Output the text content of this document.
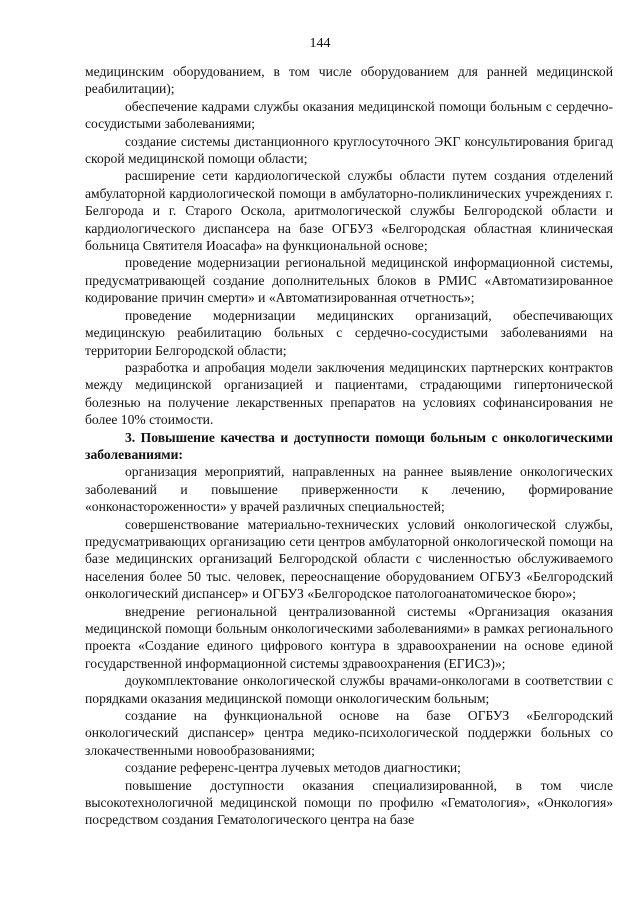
144

медицинским оборудованием, в том числе оборудованием для ранней медицинской реабилитации);

обеспечение кадрами службы оказания медицинской помощи больным с сердечно-сосудистыми заболеваниями;

создание системы дистанционного круглосуточного ЭКГ консультирования бригад скорой медицинской помощи области;

расширение сети кардиологической службы области путем создания отделений амбулаторной кардиологической помощи в амбулаторно-поликлинических учреждениях г. Белгорода и г. Старого Оскола, аритмологической службы Белгородской области и кардиологического диспансера на базе ОГБУЗ «Белгородская областная клиническая больница Святителя Иоасафа» на функциональной основе;

проведение модернизации региональной медицинской информационной системы, предусматривающей создание дополнительных блоков в РМИС «Автоматизированное кодирование причин смерти» и «Автоматизированная отчетность»;

проведение модернизации медицинских организаций, обеспечивающих медицинскую реабилитацию больных с сердечно-сосудистыми заболеваниями на территории Белгородской области;

разработка и апробация модели заключения медицинских партнерских контрактов между медицинской организацией и пациентами, страдающими гипертонической болезнью на получение лекарственных препаратов на условиях софинансирования не более 10% стоимости.

3. Повышение качества и доступности помощи больным с онкологическими заболеваниями:

организация мероприятий, направленных на раннее выявление онкологических заболеваний и повышение приверженности к лечению, формирование «онконастороженности» у врачей различных специальностей;

совершенствование материально-технических условий онкологической службы, предусматривающих организацию сети центров амбулаторной онкологической помощи на базе медицинских организаций Белгородской области с численностью обслуживаемого населения более 50 тыс. человек, переоснащение оборудованием ОГБУЗ «Белгородский онкологический диспансер» и ОГБУЗ «Белгородское патологоанатомическое бюро»;

внедрение региональной централизованной системы «Организация оказания медицинской помощи больным онкологическими заболеваниями» в рамках регионального проекта «Создание единого цифрового контура в здравоохранении на основе единой государственной информационной системы здравоохранения (ЕГИСЗ)»;

доукомплектование онкологической службы врачами-онкологами в соответствии с порядками оказания медицинской помощи онкологическим больным;

создание на функциональной основе на базе ОГБУЗ «Белгородский онкологический диспансер» центра медико-психологической поддержки больных со злокачественными новообразованиями;

создание референс-центра лучевых методов диагностики;

повышение доступности оказания специализированной, в том числе высокотехнологичной медицинской помощи по профилю «Гематология», «Онкология» посредством создания Гематологического центра на базе
